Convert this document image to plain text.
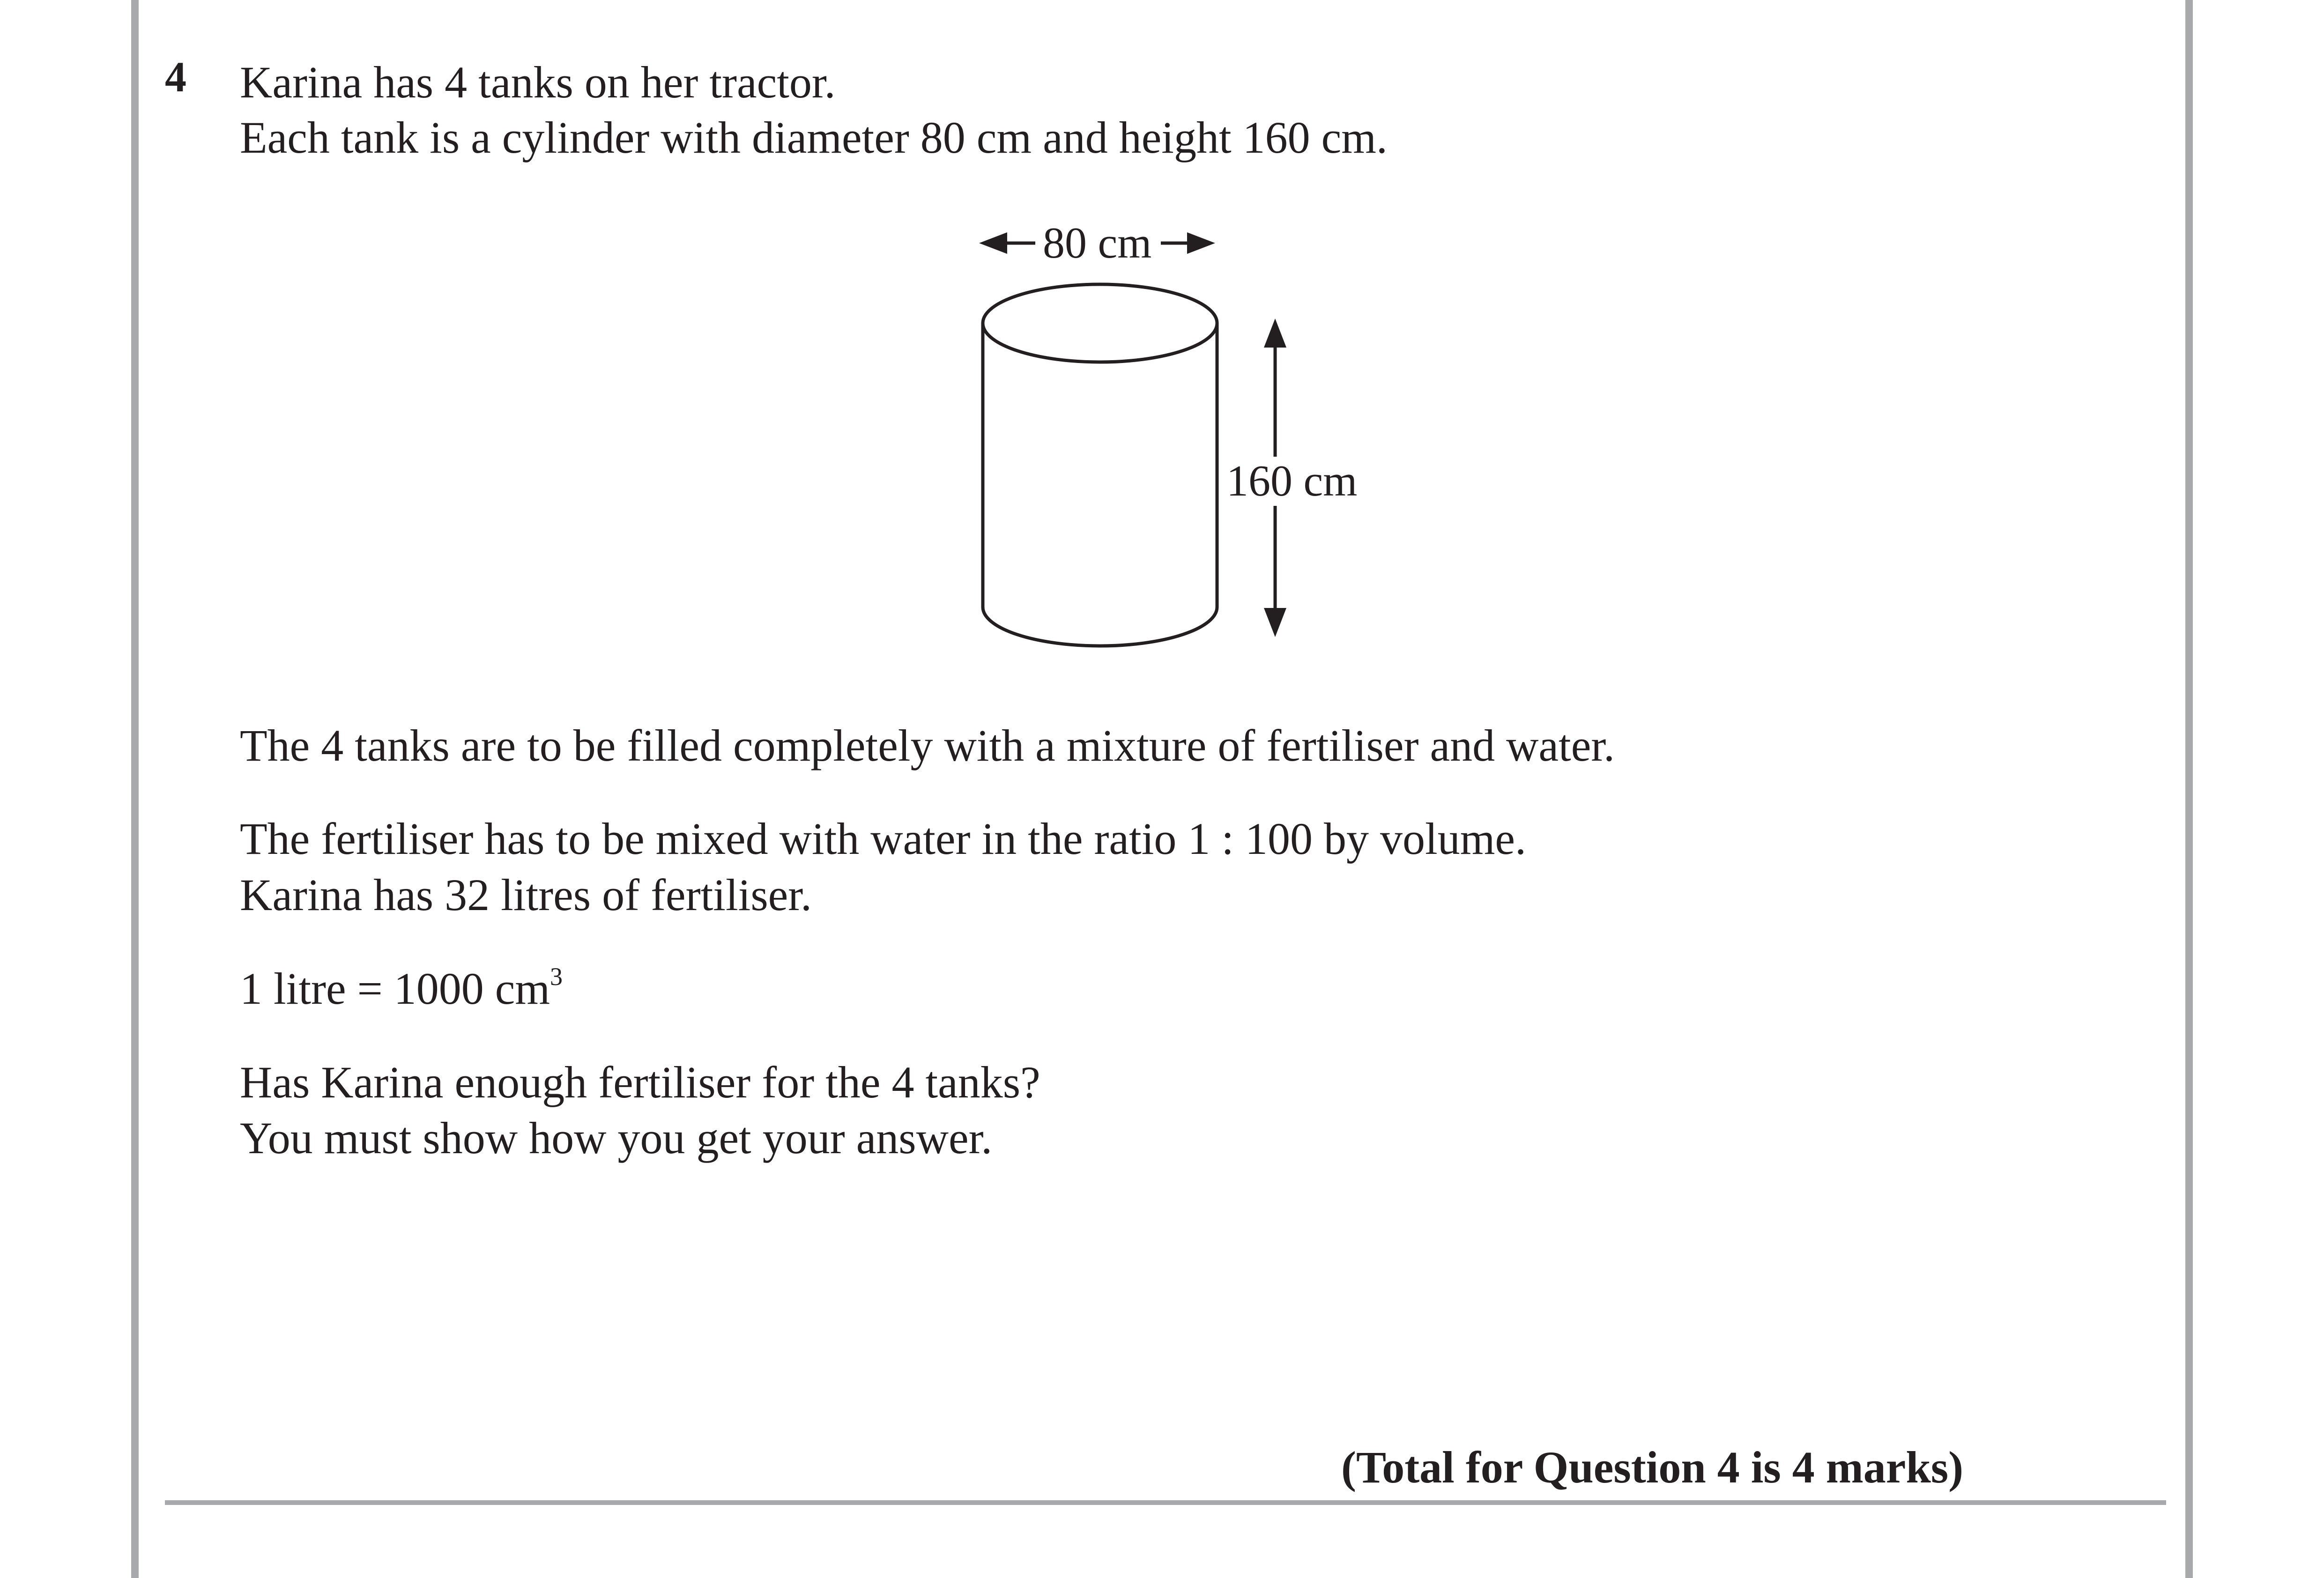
4 Karina has 4 tanks on her tractor.
Each tank is a cylinder with diameter 80 cm and height 160 cm.
80 cm
160 cm
The 4 tanks are to be filled completely with a mixture of fertiliser and water.
The fertiliser has to be mixed with water in the ratio 1 : 100 by volume.
Karina has 32 litres of fertiliser.
1 litre = 1000 $cm^3$
Has Karina enough fertiliser for the 4 tanks?
You must show how you get your answer.
(Total for Question 4 is 4 marks)
